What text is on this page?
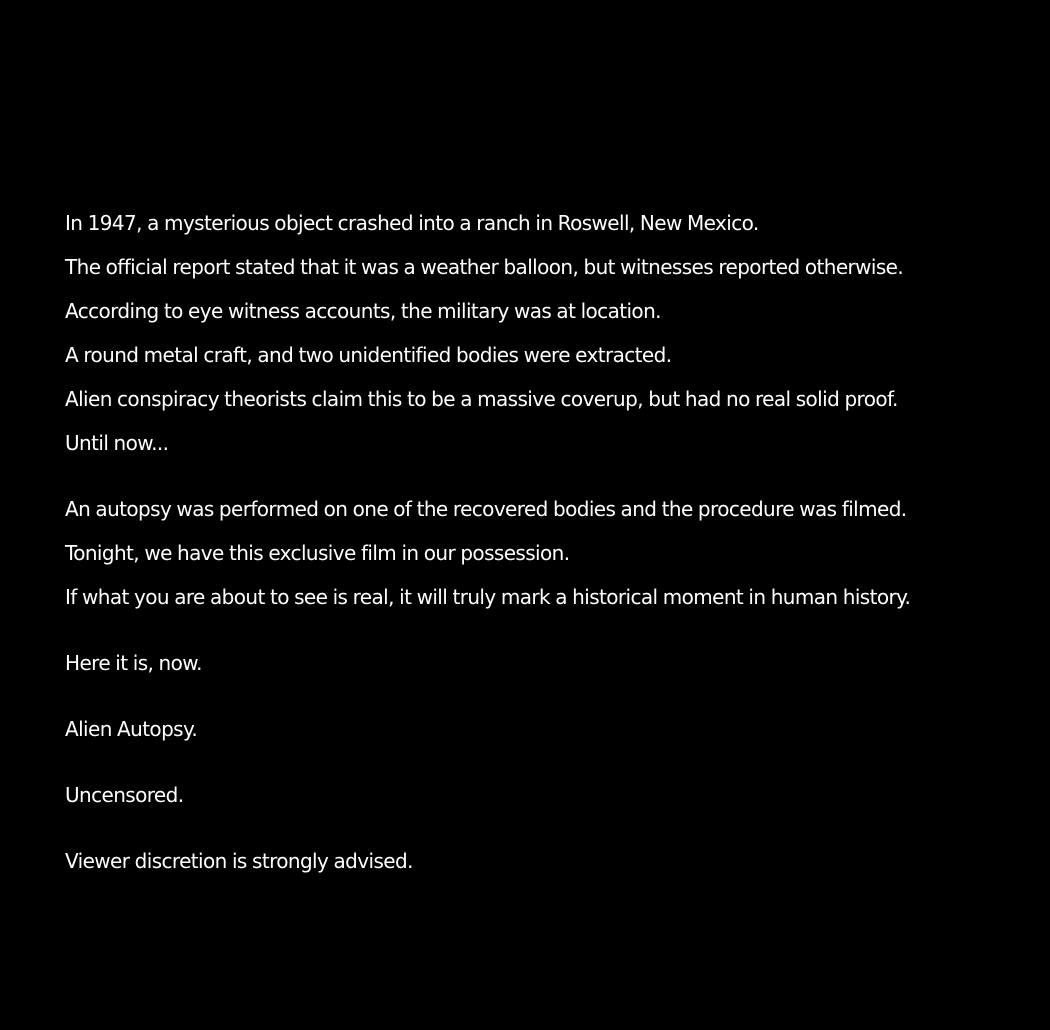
In 1947, a mysterious object crashed into a ranch in Roswell, New Mexico.
The official report stated that it was a weather balloon, but witnesses reported otherwise.
According to eye witness accounts, the military was at location.
A round metal craft, and two unidentified bodies were extracted.
Alien conspiracy theorists claim this to be a massive coverup, but had no real solid proof.
Until now...
An autopsy was performed on one of the recovered bodies and the procedure was filmed.
Tonight, we have this exclusive film in our possession.
If what you are about to see is real, it will truly mark a historical moment in human history.
Here it is, now.
Alien Autopsy.
Uncensored.
Viewer discretion is strongly advised.
